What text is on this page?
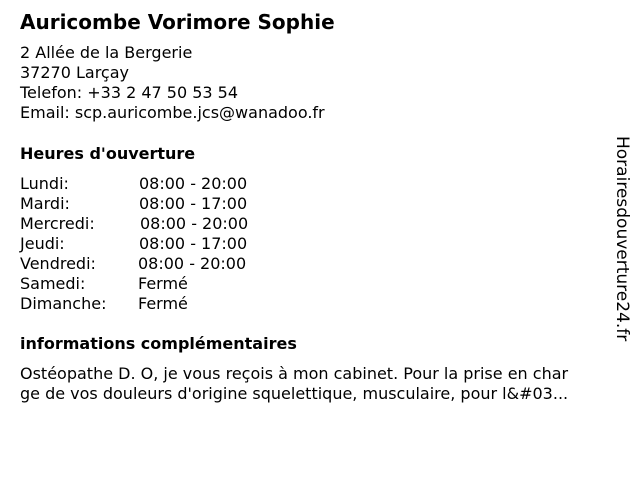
Auricombe Vorimore Sophie
2 Allée de la Bergerie
37270 Larçay
Telefon: +33 2 47 50 53 54
Email: scp.auricombe.jcs@wanadoo.fr
Heures d'ouverture
Lundi:	08:00 - 20:00
Mardi:	08:00 - 17:00
Mercredi:	08:00 - 20:00
Jeudi:	08:00 - 17:00
Vendredi:	08:00 - 20:00
Samedi:	Fermé
Dimanche: Fermé
informations complémentaires
Ostéopathe D. O, je vous reçois à mon cabinet. Pour la prise en char
ge de vos douleurs d'origine squelettique, musculaire, pour l&#03...
Horairesdouverture24.fr
